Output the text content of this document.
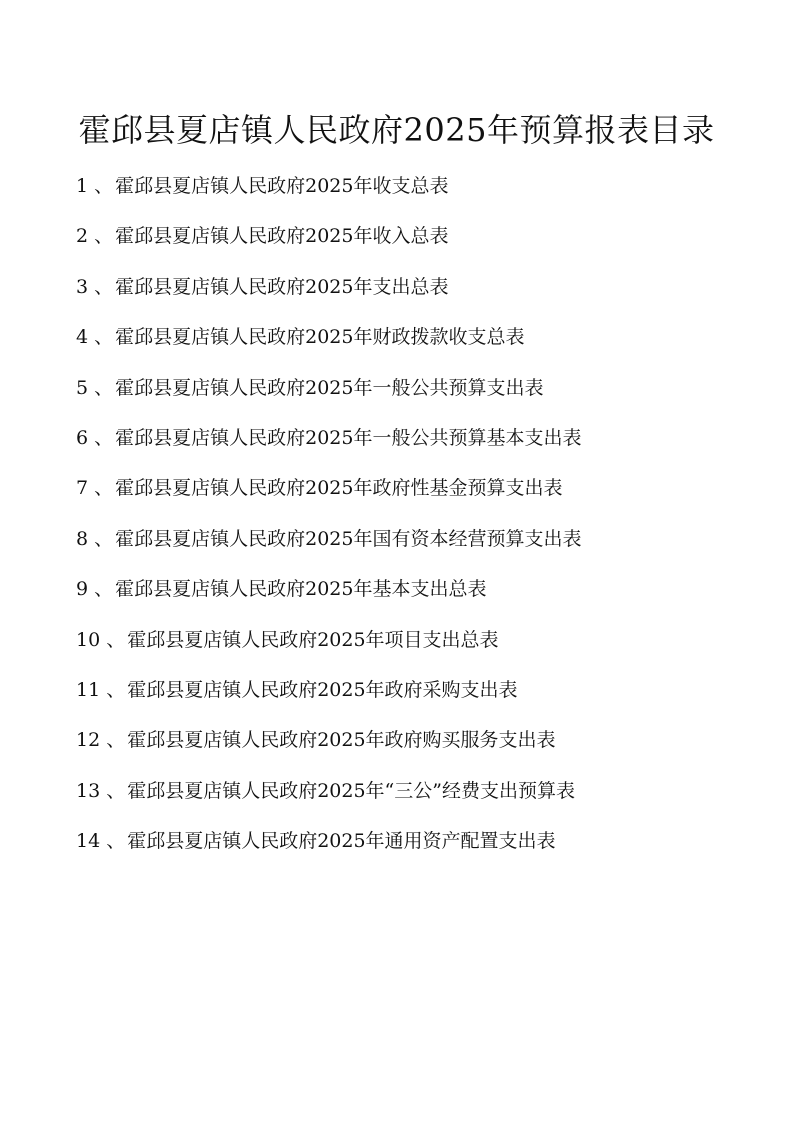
霍邱县夏店镇人民政府2025年预算报表目录
1 、 霍邱县夏店镇人民政府2025年收支总表
2 、 霍邱县夏店镇人民政府2025年收入总表
3 、 霍邱县夏店镇人民政府2025年支出总表
4 、 霍邱县夏店镇人民政府2025年财政拨款收支总表
5 、 霍邱县夏店镇人民政府2025年一般公共预算支出表
6 、 霍邱县夏店镇人民政府2025年一般公共预算基本支出表
7 、 霍邱县夏店镇人民政府2025年政府性基金预算支出表
8 、 霍邱县夏店镇人民政府2025年国有资本经营预算支出表
9 、 霍邱县夏店镇人民政府2025年基本支出总表
10 、 霍邱县夏店镇人民政府2025年项目支出总表
11 、 霍邱县夏店镇人民政府2025年政府采购支出表
12 、 霍邱县夏店镇人民政府2025年政府购买服务支出表
13 、 霍邱县夏店镇人民政府2025年“三公”经费支出预算表
14 、 霍邱县夏店镇人民政府2025年通用资产配置支出表
